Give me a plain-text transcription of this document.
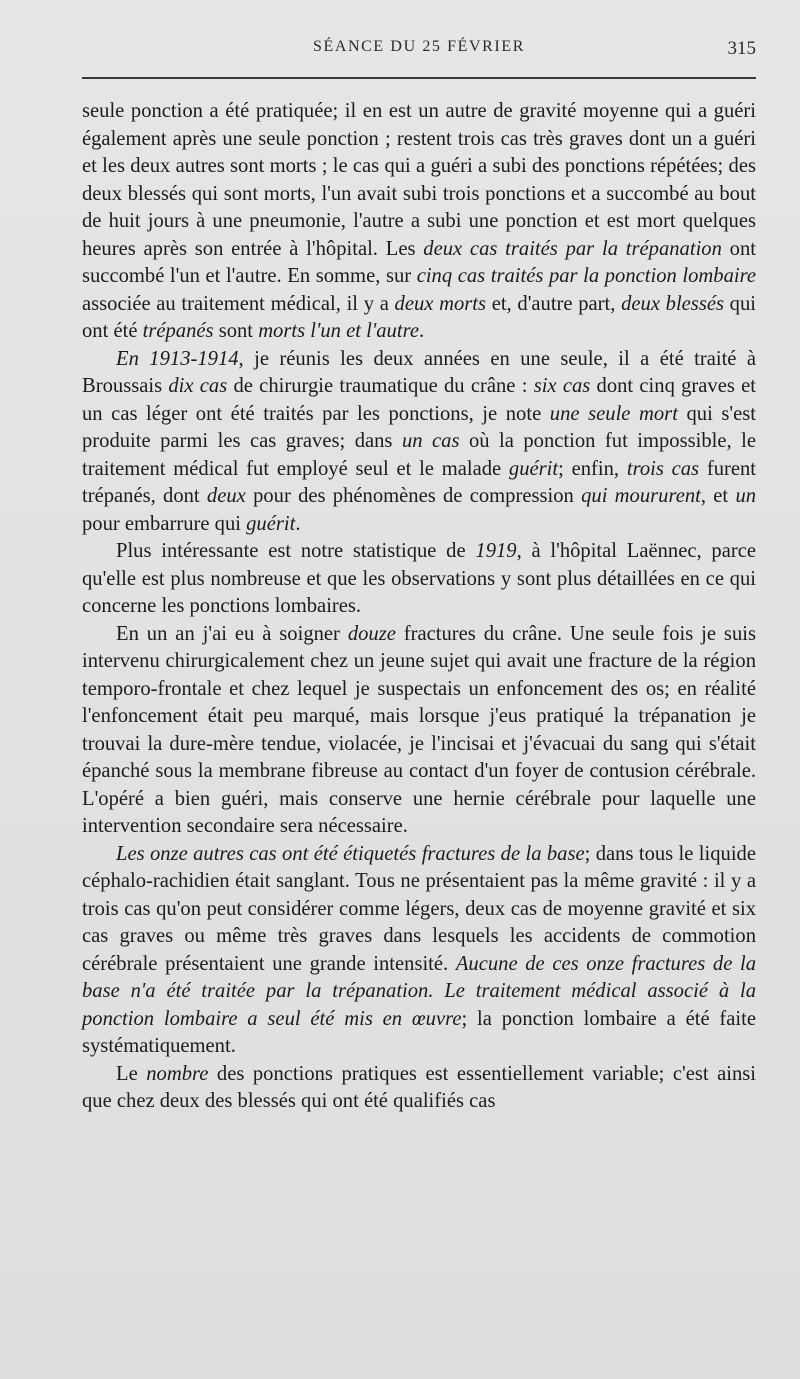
SÉANCE DU 25 FÉVRIER	315

seule ponction a été pratiquée; il en est un autre de gravité moyenne qui a guéri également après une seule ponction ; restent trois cas très graves dont un a guéri et les deux autres sont morts ; le cas qui a guéri a subi des ponctions répétées; des deux blessés qui sont morts, l'un avait subi trois ponctions et a succombé au bout de huit jours à une pneumonie, l'autre a subi une ponction et est mort quelques heures après son entrée à l'hôpital. Les deux cas traités par la trépanation ont succombé l'un et l'autre. En somme, sur cinq cas traités par la ponction lombaire associée au traitement médical, il y a deux morts et, d'autre part, deux blessés qui ont été trépanés sont morts l'un et l'autre.

En 1913-1914, je réunis les deux années en une seule, il a été traité à Broussais dix cas de chirurgie traumatique du crâne : six cas dont cinq graves et un cas léger ont été traités par les ponctions, je note une seule mort qui s'est produite parmi les cas graves; dans un cas où la ponction fut impossible, le traitement médical fut employé seul et le malade guérit; enfin, trois cas furent trépanés, dont deux pour des phénomènes de compression qui moururent, et un pour embarrure qui guérit.

Plus intéressante est notre statistique de 1919, à l'hôpital Laënnec, parce qu'elle est plus nombreuse et que les observations y sont plus détaillées en ce qui concerne les ponctions lombaires.

En un an j'ai eu à soigner douze fractures du crâne. Une seule fois je suis intervenu chirurgicalement chez un jeune sujet qui avait une fracture de la région temporo-frontale et chez lequel je suspectais un enfoncement des os; en réalité l'enfoncement était peu marqué, mais lorsque j'eus pratiqué la trépanation je trouvai la dure-mère tendue, violacée, je l'incisai et j'évacuai du sang qui s'était épanché sous la membrane fibreuse au contact d'un foyer de contusion cérébrale. L'opéré a bien guéri, mais conserve une hernie cérébrale pour laquelle une intervention secondaire sera nécessaire.

Les onze autres cas ont été étiquetés fractures de la base; dans tous le liquide céphalo-rachidien était sanglant. Tous ne présentaient pas la même gravité : il y a trois cas qu'on peut considérer comme légers, deux cas de moyenne gravité et six cas graves ou même très graves dans lesquels les accidents de commotion cérébrale présentaient une grande intensité. Aucune de ces onze fractures de la base n'a été traitée par la trépanation. Le traitement médical associé à la ponction lombaire a seul été mis en œuvre; la ponction lombaire a été faite systématiquement.

Le nombre des ponctions pratiques est essentiellement variable; c'est ainsi que chez deux des blessés qui ont été qualifiés cas
